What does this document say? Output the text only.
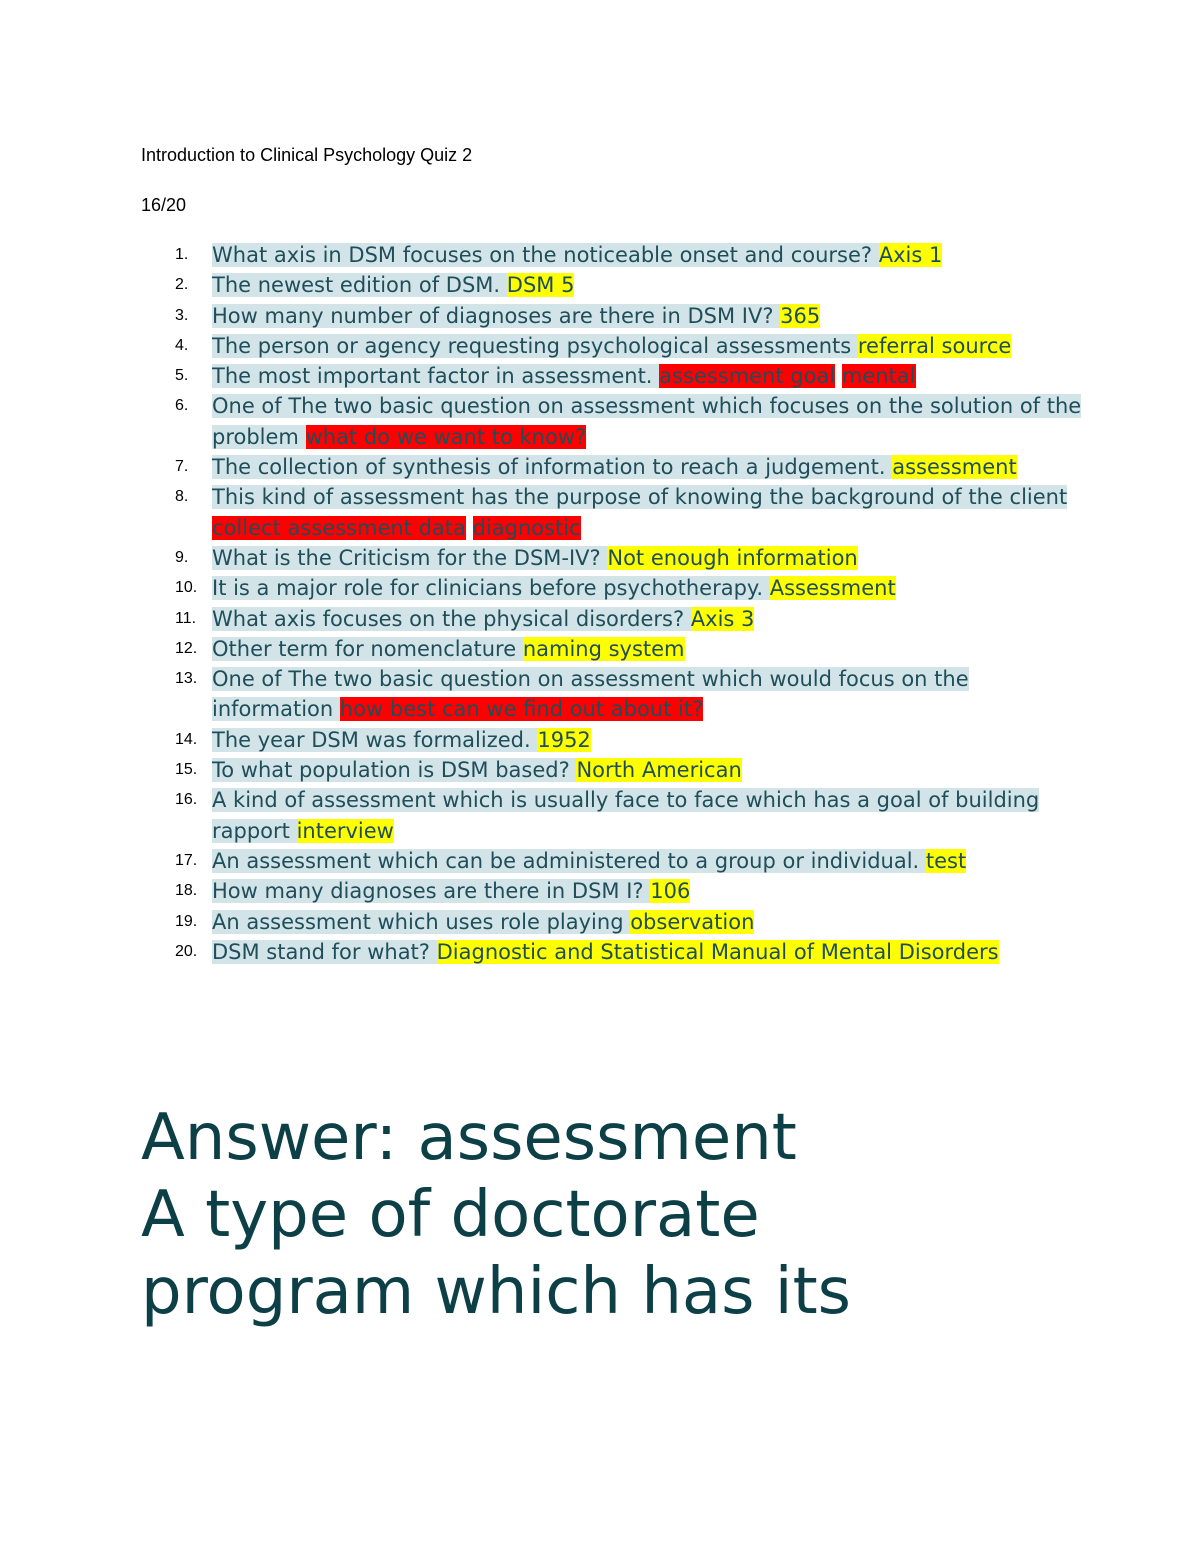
Introduction to Clinical Psychology Quiz 2
16/20
1. What axis in DSM focuses on the noticeable onset and course? Axis 1
2. The newest edition of DSM. DSM 5
3. How many number of diagnoses are there in DSM IV? 365
4. The person or agency requesting psychological assessments referral source
5. The most important factor in assessment. assessment goal mental
6. One of The two basic question on assessment which focuses on the solution of the problem what do we want to know?
7. The collection of synthesis of information to reach a judgement. assessment
8. This kind of assessment has the purpose of knowing the background of the client collect assessment data diagnostic
9. What is the Criticism for the DSM-IV? Not enough information
10. It is a major role for clinicians before psychotherapy. Assessment
11. What axis focuses on the physical disorders? Axis 3
12. Other term for nomenclature naming system
13. One of The two basic question on assessment which would focus on the information how best can we find out about it?
14. The year DSM was formalized. 1952
15. To what population is DSM based? North American
16. A kind of assessment which is usually face to face which has a goal of building rapport interview
17. An assessment which can be administered to a group or individual. test
18. How many diagnoses are there in DSM I? 106
19. An assessment which uses role playing observation
20. DSM stand for what? Diagnostic and Statistical Manual of Mental Disorders
Answer: assessment
A type of doctorate
program which has its
